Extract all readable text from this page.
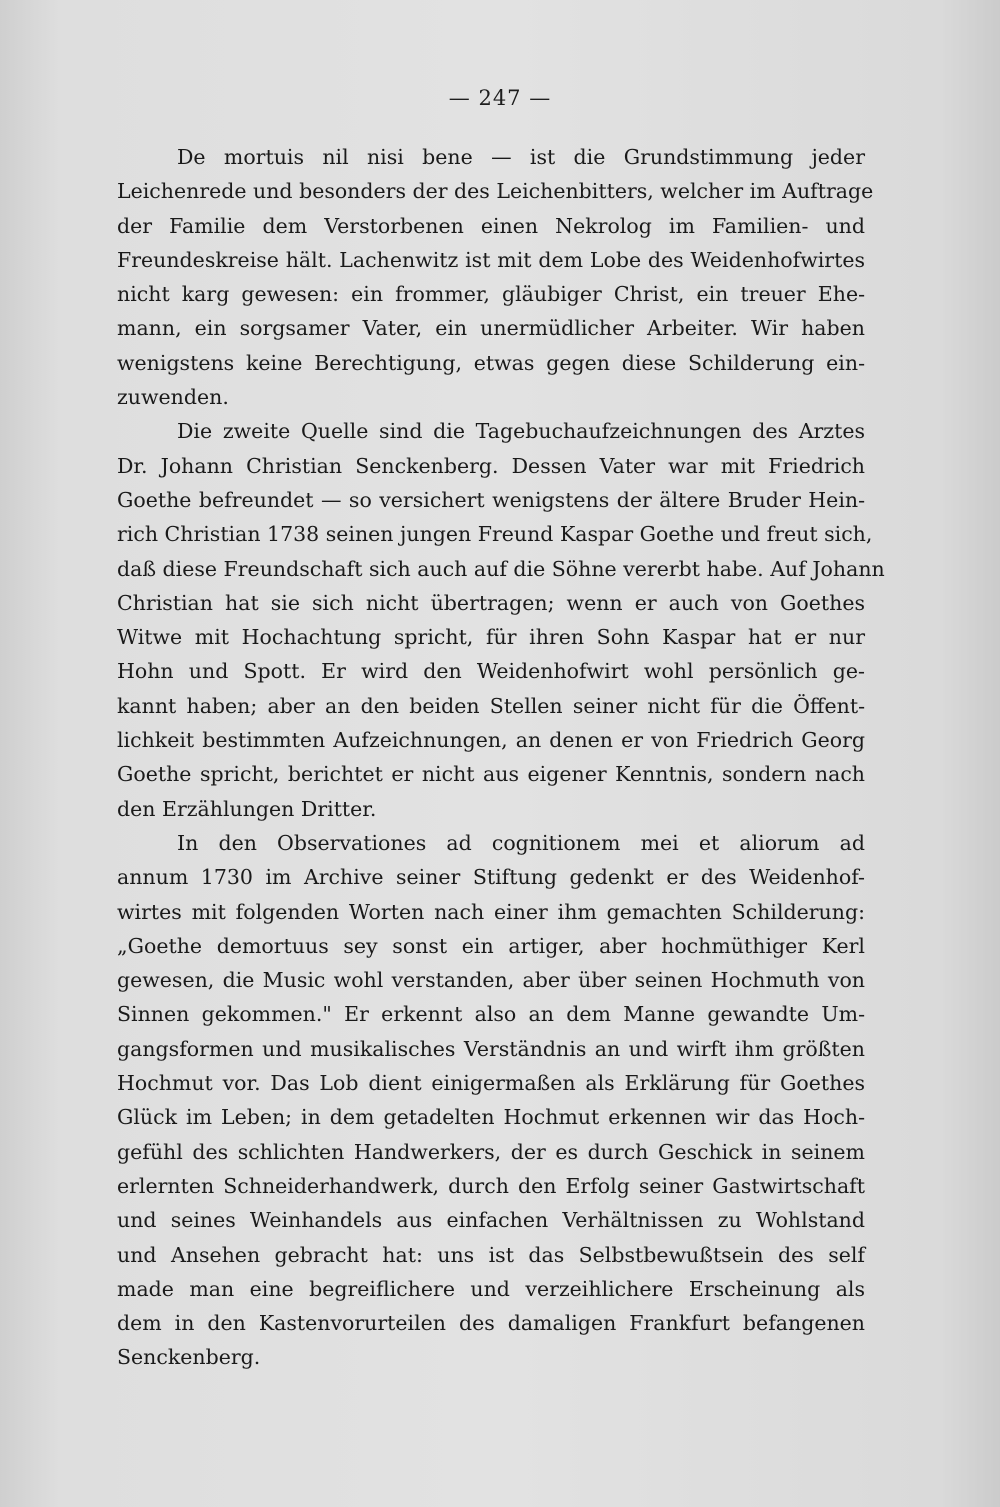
— 247 —
De mortuis nil nisi bene — ist die Grundstimmung jeder
Leichenrede und besonders der des Leichenbitters, welcher im Auftrage
der Familie dem Verstorbenen einen Nekrolog im Familien- und
Freundeskreise hält. Lachenwitz ist mit dem Lobe des Weidenhofwirtes
nicht karg gewesen: ein frommer, gläubiger Christ, ein treuer Ehe-
mann, ein sorgsamer Vater, ein unermüdlicher Arbeiter. Wir haben
wenigstens keine Berechtigung, etwas gegen diese Schilderung ein-
zuwenden.
Die zweite Quelle sind die Tagebuchaufzeichnungen des Arztes
Dr. Johann Christian Senckenberg. Dessen Vater war mit Friedrich
Goethe befreundet — so versichert wenigstens der ältere Bruder Hein-
rich Christian 1738 seinen jungen Freund Kaspar Goethe und freut sich,
daß diese Freundschaft sich auch auf die Söhne vererbt habe. Auf Johann
Christian hat sie sich nicht übertragen; wenn er auch von Goethes
Witwe mit Hochachtung spricht, für ihren Sohn Kaspar hat er nur
Hohn und Spott. Er wird den Weidenhofwirt wohl persönlich ge-
kannt haben; aber an den beiden Stellen seiner nicht für die Öffent-
lichkeit bestimmten Aufzeichnungen, an denen er von Friedrich Georg
Goethe spricht, berichtet er nicht aus eigener Kenntnis, sondern nach
den Erzählungen Dritter.
In den Observationes ad cognitionem mei et aliorum ad
annum 1730 im Archive seiner Stiftung gedenkt er des Weidenhof-
wirtes mit folgenden Worten nach einer ihm gemachten Schilderung:
„Goethe demortuus sey sonst ein artiger, aber hochmüthiger Kerl
gewesen, die Music wohl verstanden, aber über seinen Hochmuth von
Sinnen gekommen." Er erkennt also an dem Manne gewandte Um-
gangsformen und musikalisches Verständnis an und wirft ihm größten
Hochmut vor. Das Lob dient einigermaßen als Erklärung für Goethes
Glück im Leben; in dem getadelten Hochmut erkennen wir das Hoch-
gefühl des schlichten Handwerkers, der es durch Geschick in seinem
erlernten Schneiderhandwerk, durch den Erfolg seiner Gastwirtschaft
und seines Weinhandels aus einfachen Verhältnissen zu Wohlstand
und Ansehen gebracht hat: uns ist das Selbstbewußtsein des self
made man eine begreiflichere und verzeihlichere Erscheinung als
dem in den Kastenvorurteilen des damaligen Frankfurt befangenen
Senckenberg.
